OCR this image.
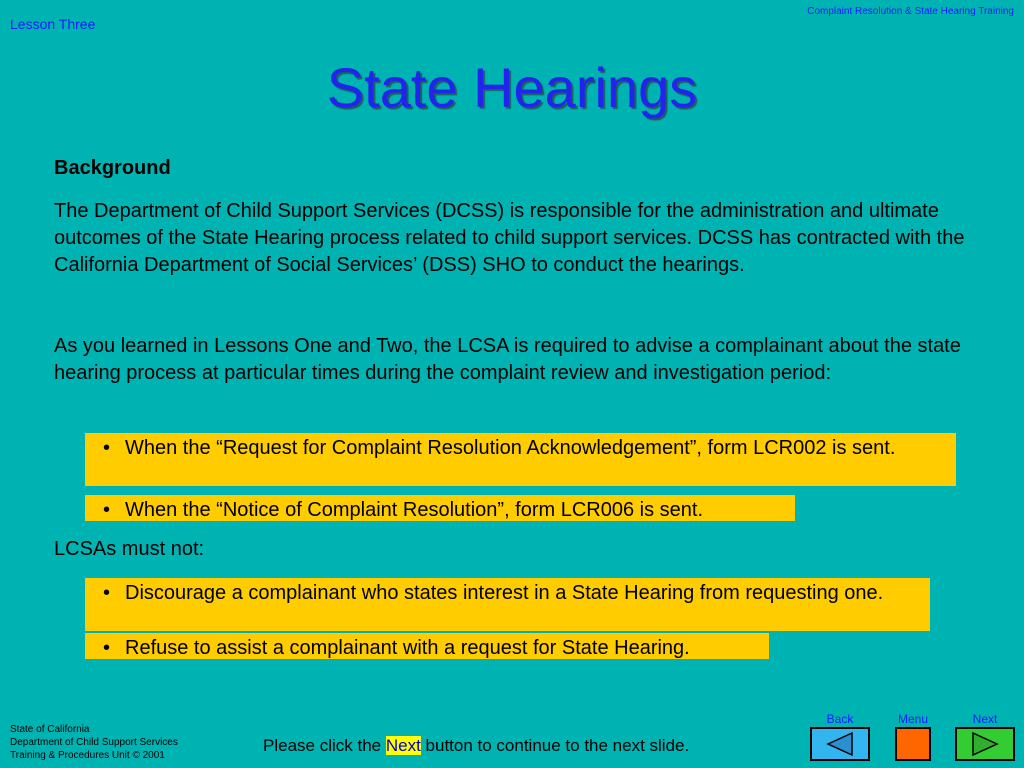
Lesson Three
Complaint Resolution & State Hearing Training
State Hearings
Background

The Department of Child Support Services (DCSS) is responsible for the administration and ultimate outcomes of the State Hearing process related to child support services. DCSS has contracted with the California Department of Social Services’ (DSS) SHO to conduct the hearings.

As you learned in Lessons One and Two, the LCSA is required to advise a complainant about the state hearing process at particular times during the complaint review and investigation period:

• When the “Request for Complaint Resolution Acknowledgement”, form LCR002 is sent.
• When the “Notice of Complaint Resolution”, form LCR006 is sent.
LCSAs must not:
• Discourage a complainant who states interest in a State Hearing from requesting one.
• Refuse to assist a complainant with a request for State Hearing.
State of California
Department of Child Support Services
Training & Procedures Unit © 2001
Please click the Next button to continue to the next slide.
Back	Menu	Next
